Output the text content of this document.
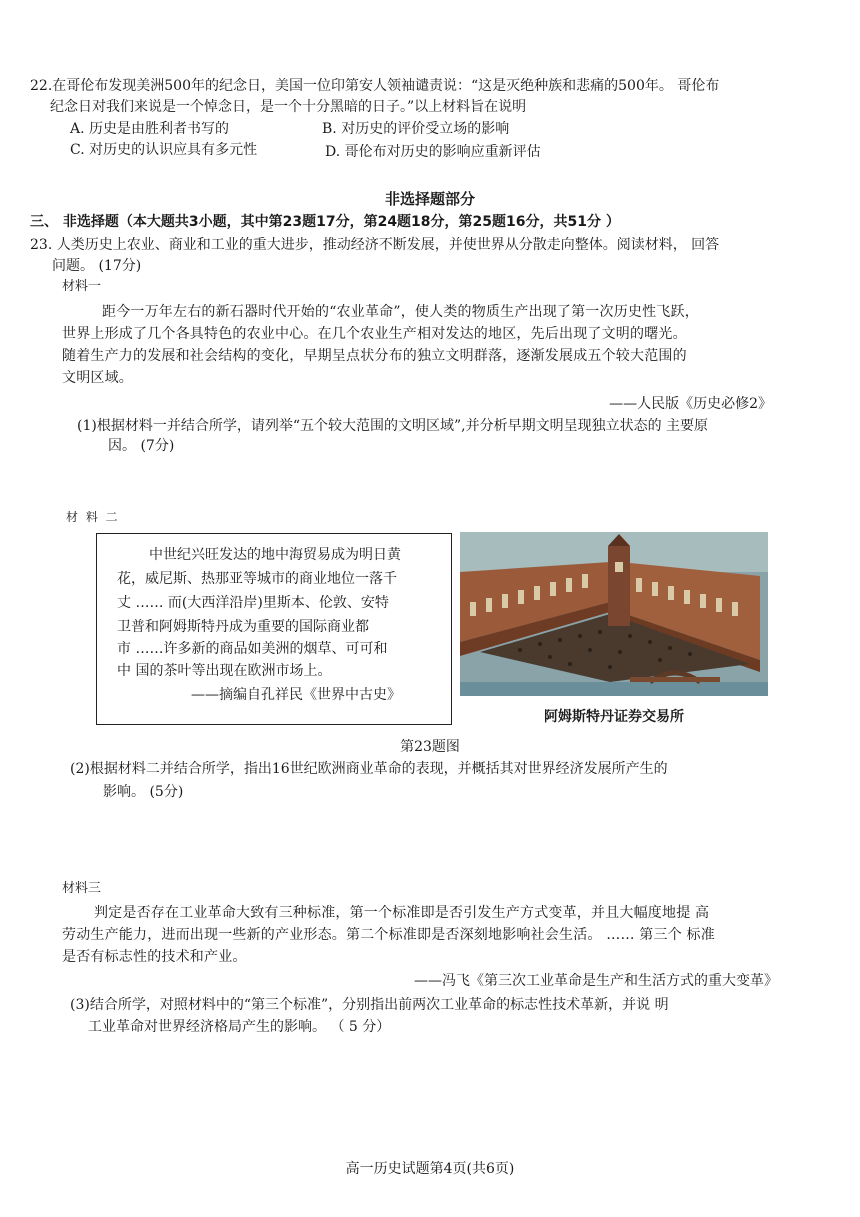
22.在哥伦布发现美洲500年的纪念日，美国一位印第安人领袖谴责说：“这是灭绝种族和悲痛的500年。 哥伦布
纪念日对我们来说是一个悼念日，是一个十分黑暗的日子。”以上材料旨在说明
A. 历史是由胜利者书写的	B. 对历史的评价受立场的影响
C. 对历史的认识应具有多元性	D. 哥伦布对历史的影响应重新评估
非选择题部分
三、 非选择题（本大题共3小题，其中第23题17分，第24题18分，第25题16分，共51分 ）
23. 人类历史上农业、商业和工业的重大进步，推动经济不断发展，并使世界从分散走向整体。阅读材料， 回答
问题。 (17分)
材料一

距今一万年左右的新石器时代开始的“农业革命”，使人类的物质生产出现了第一次历史性飞跃，

世界上形成了几个各具特色的农业中心。在几个农业生产相对发达的地区，先后出现了文明的曙光。

随着生产力的发展和社会结构的变化，早期呈点状分布的独立文明群落，逐渐发展成五个较大范围的

文明区域。

——人民版《历史必修2》
(1)根据材料一并结合所学，请列举“五个较大范围的文明区域”,并分析早期文明呈现独立状态的 主要原
因。 (7分)
材 料 二

中世纪兴旺发达的地中海贸易成为明日黄

花，威尼斯、热那亚等城市的商业地位一落千

丈 …… 而(大西洋沿岸)里斯本、伦敦、安特

卫普和阿姆斯特丹成为重要的国际商业都

市 ……许多新的商品如美洲的烟草、可可和

中 国的茶叶等出现在欧洲市场上。

——摘编自孔祥民《世界中古史》

阿姆斯特丹证券交易所
第23题图
(2)根据材料二并结合所学，指出16世纪欧洲商业革命的表现，并概括其对世界经济发展所产生的
影响。 (5分)
材料三

判定是否存在工业革命大致有三种标准，第一个标准即是否引发生产方式变革，并且大幅度地提 高

劳动生产能力，进而出现一些新的产业形态。第二个标准即是否深刻地影响社会生活。 …… 第三个 标准

是否有标志性的技术和产业。

——冯飞《第三次工业革命是生产和生活方式的重大变革》
(3)结合所学，对照材料中的“第三个标准”，分别指出前两次工业革命的标志性技术革新，并说 明
工业革命对世界经济格局产生的影响。 （ 5 分）
高一历史试题第4页(共6页)
